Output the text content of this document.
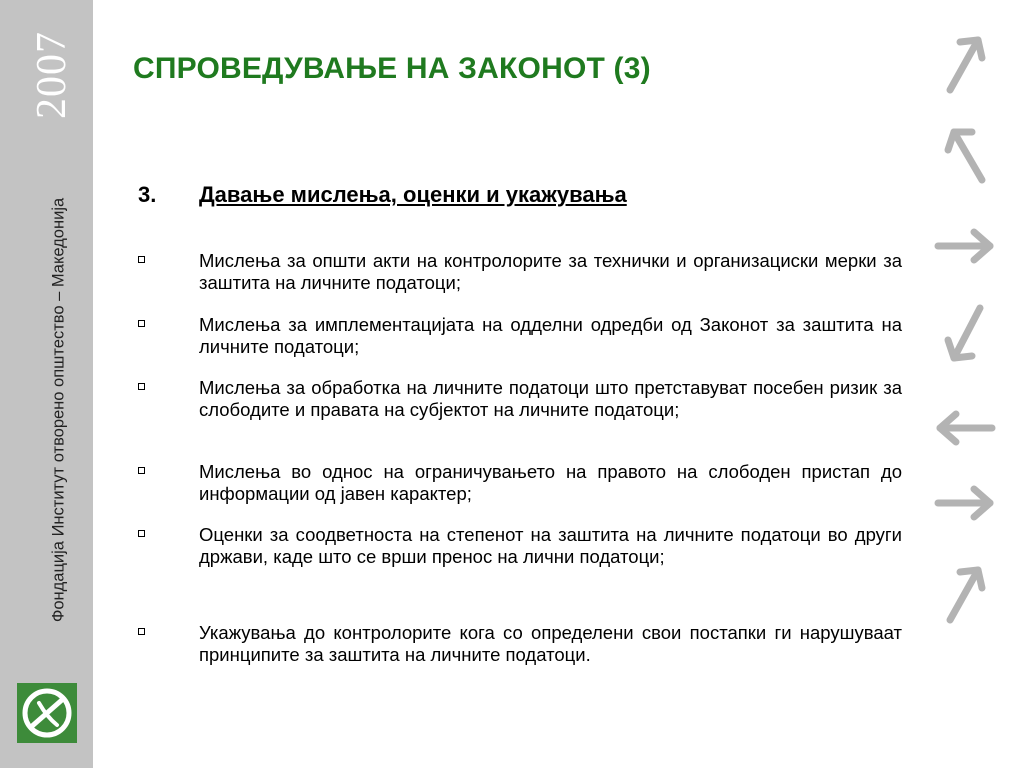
2007
Фондација Институт отворено општество – Македонија
СПРОВЕДУВАЊЕ НА ЗАКОНОТ (3)
3. Давање мислења, оценки и укажувања
Мислења за општи акти на контролорите за технички и организациски мерки за заштита на личните податоци;
Мислења за имплементацијата на одделни одредби од Законот за заштита на личните податоци;
Мислења за обработка на личните податоци што претставуват посебен ризик за слободите и правата на субјектот на личните податоци;
Мислења во однос на ограничувањето на правото на слободен пристап до информации од јавен карактер;
Оценки за соодветноста на степенот на заштита на личните податоци во други држави, каде што се врши пренос на лични податоци;
Укажувања до контролорите кога со определени свои постапки ги нарушуваат принципите за заштита на личните податоци.
